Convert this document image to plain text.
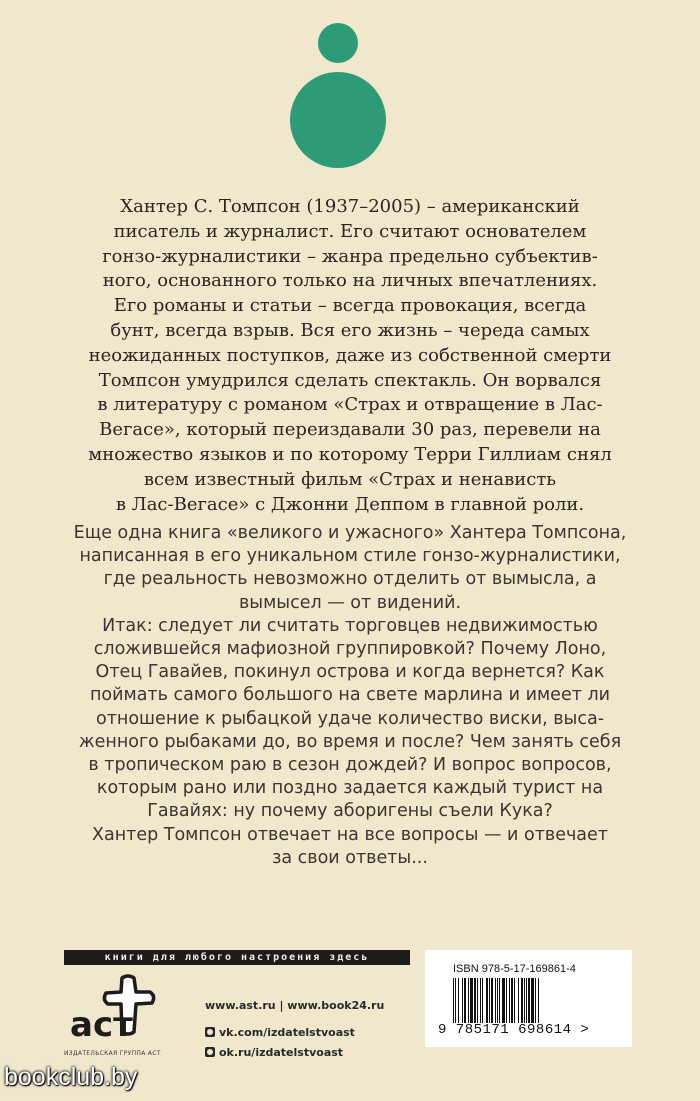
Хантер С. Томпсон (1937–2005) – американский

писатель и журналист. Его считают основателем

гонзо-журналистики – жанра предельно субъектив-

ного, основанного только на личных впечатлениях.

Его романы и статьи – всегда провокация, всегда

бунт, всегда взрыв. Вся его жизнь – череда самых

неожиданных поступков, даже из собственной смерти

Томпсон умудрился сделать спектакль. Он ворвался

в литературу с романом «Страх и отвращение в Лас-

Вегасе», который переиздавали 30 раз, перевели на

множество языков и по которому Терри Гиллиам снял

всем известный фильм «Страх и ненависть

в Лас-Вегасе» с Джонни Деппом в главной роли.

Еще одна книга «великого и ужасного» Хантера Томпсона,

написанная в его уникальном стиле гонзо-журналистики,

где реальность невозможно отделить от вымысла, а

вымысел — от видений.

Итак: следует ли считать торговцев недвижимостью

сложившейся мафиозной группировкой? Почему Лоно,

Отец Гавайев, покинул острова и когда вернется? Как

поймать самого большого на свете марлина и имеет ли

отношение к рыбацкой удаче количество виски, выса-

женного рыбаками до, во время и после? Чем занять себя

в тропическом раю в сезон дождей? И вопрос вопросов,

которым рано или поздно задается каждый турист на

Гавайях: ну почему аборигены съели Кука?

Хантер Томпсон отвечает на все вопросы — и отвечает

за свои ответы...

книги для любого настроения здесь
аст
ИЗДАТЕЛЬСКАЯ ГРУППА АСТ
www.ast.ru | www.book24.ru
vk.com/izdatelstvoast
ok.ru/izdatelstvoast
ISBN 978-5-17-169861-4
9 785171 698614 >
bookclub.by
